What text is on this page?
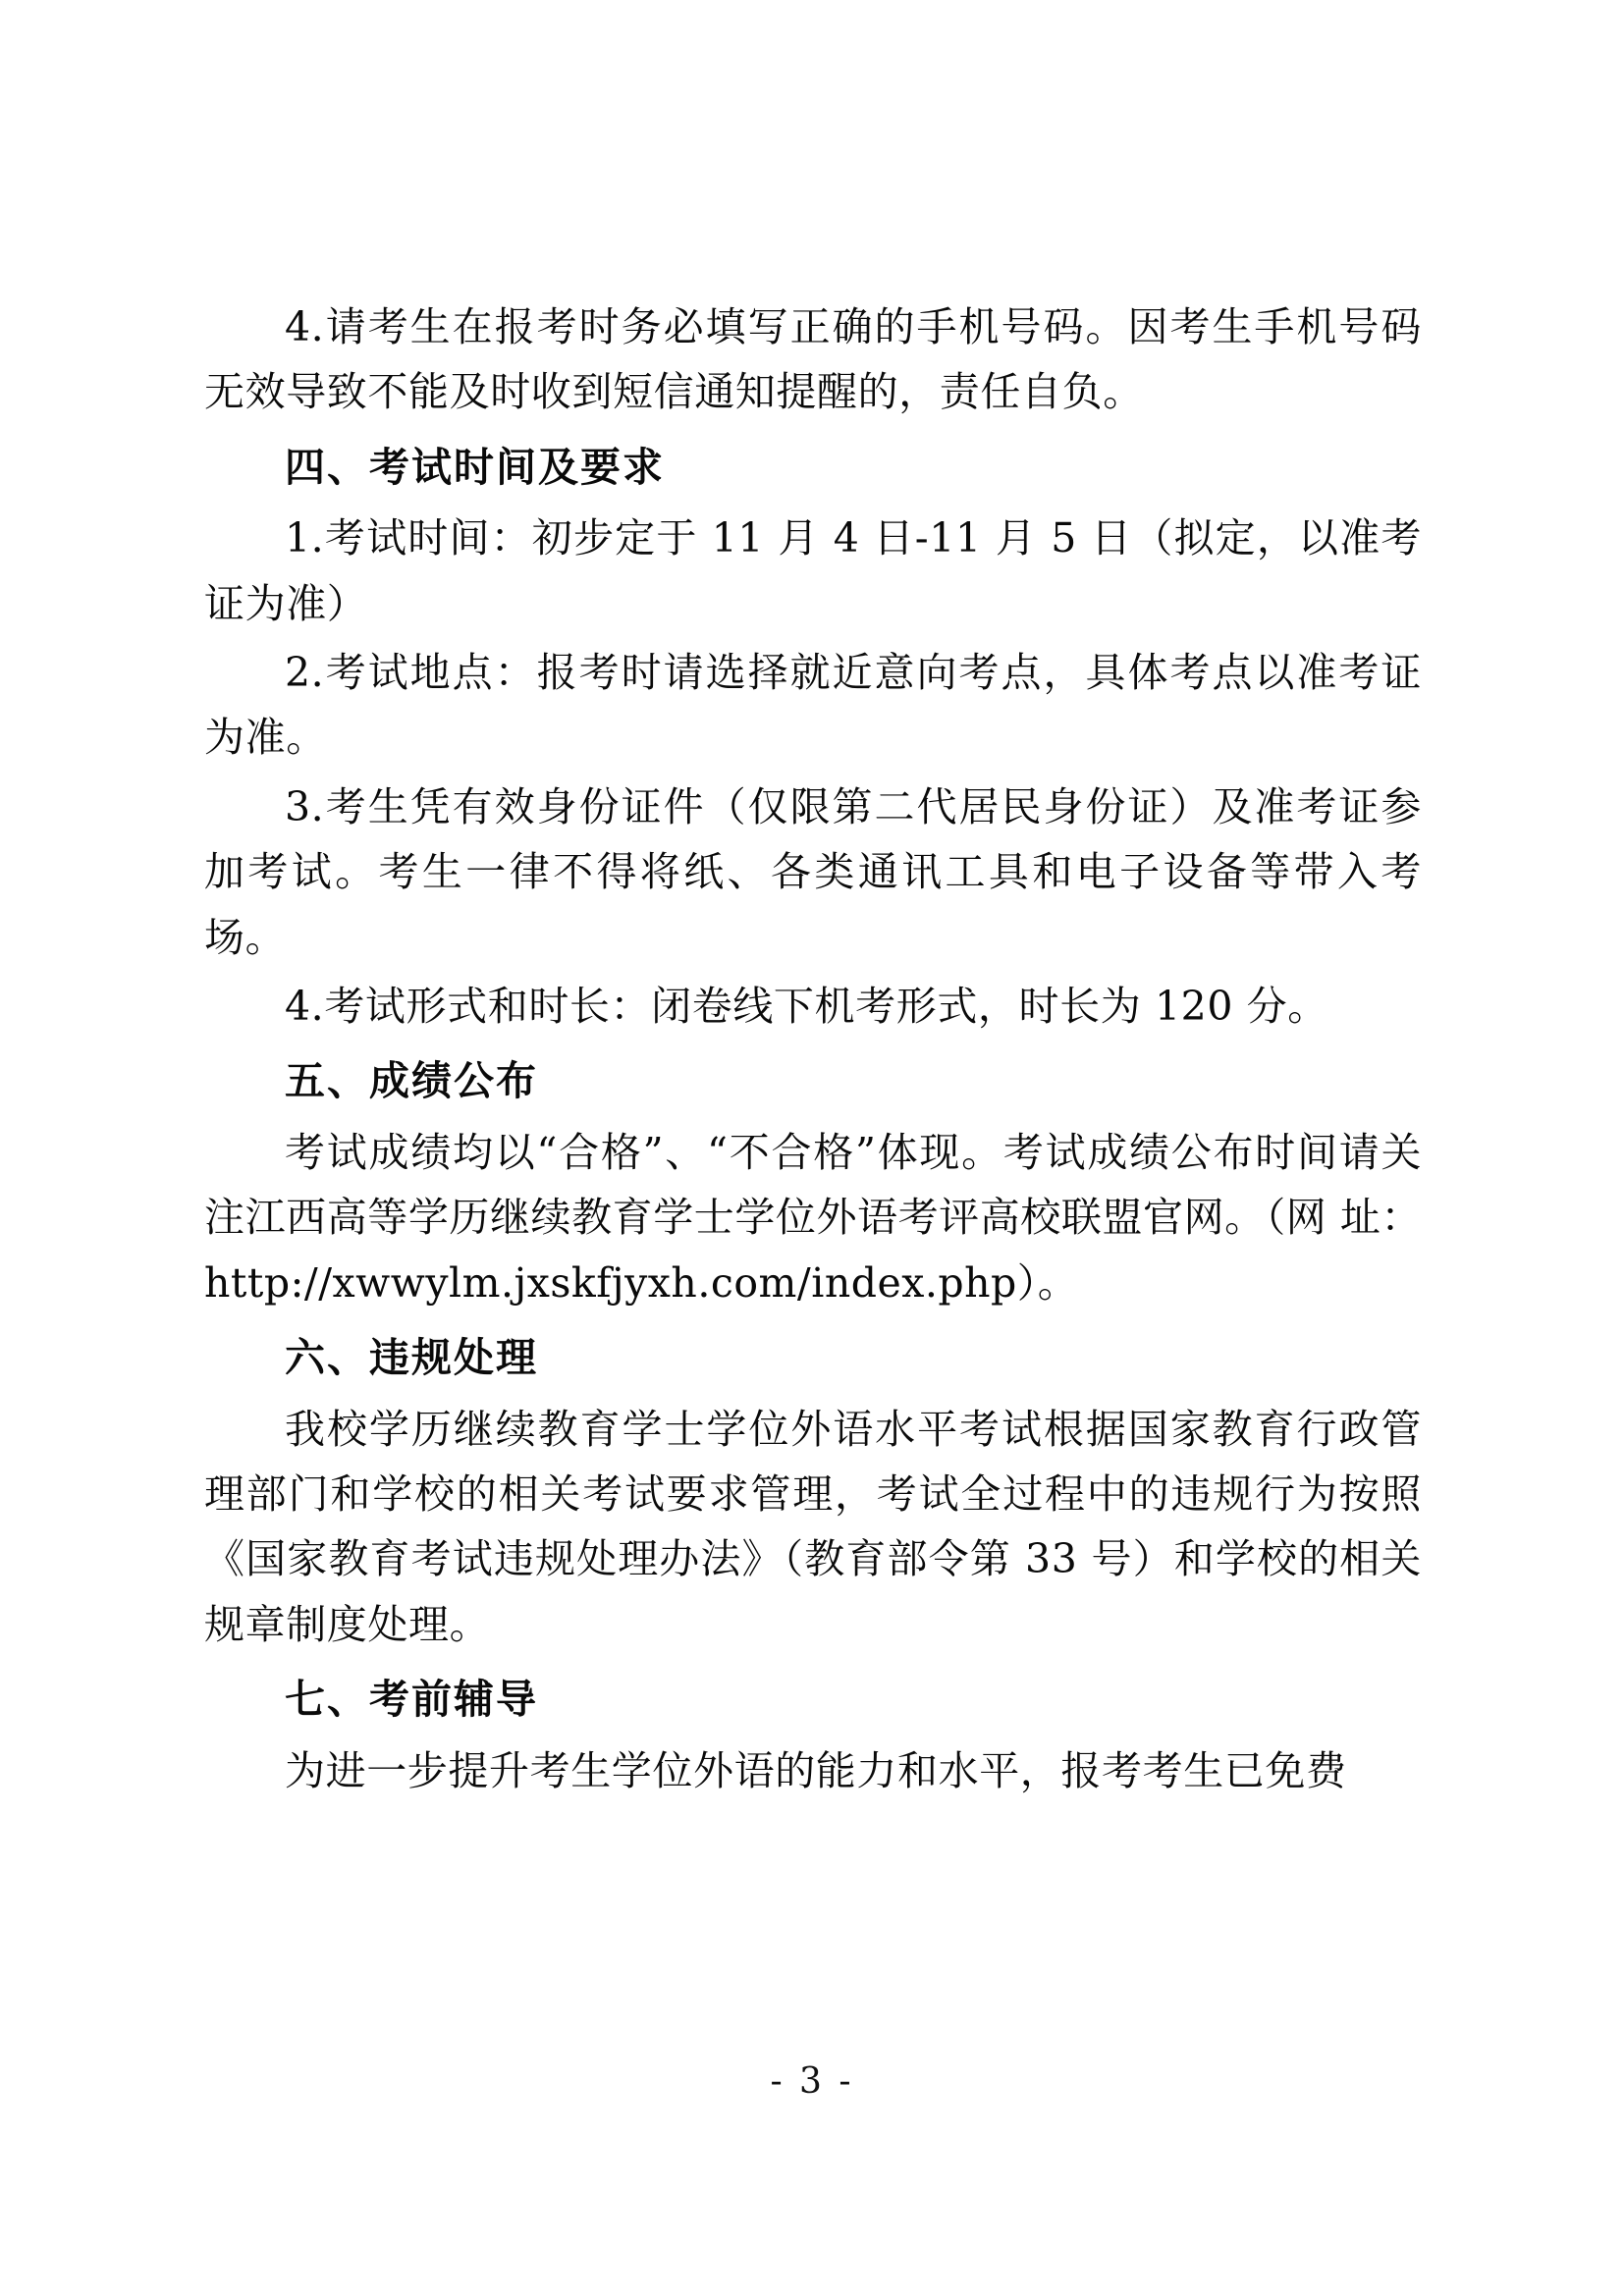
4.请考生在报考时务必填写正确的手机号码。因考生手机号码无效导致不能及时收到短信通知提醒的，责任自负。

四、考试时间及要求

1.考试时间：初步定于 11 月 4 日-11 月 5 日（拟定，以准考证为准）

2.考试地点：报考时请选择就近意向考点，具体考点以准考证为准。

3.考生凭有效身份证件（仅限第二代居民身份证）及准考证参加考试。考生一律不得将纸、各类通讯工具和电子设备等带入考场。

4.考试形式和时长：闭卷线下机考形式，时长为 120 分。

五、成绩公布

考试成绩均以“合格”、“不合格”体现。考试成绩公布时间请关注江西高等学历继续教育学士学位外语考评高校联盟官网。（网 址： http://xwwylm.jxskfjyxh.com/index.php）。

六、违规处理

我校学历继续教育学士学位外语水平考试根据国家教育行政管理部门和学校的相关考试要求管理，考试全过程中的违规行为按照《国家教育考试违规处理办法》（教育部令第 33 号）和学校的相关规章制度处理。

七、考前辅导

为进一步提升考生学位外语的能力和水平，报考考生已免费

- 3 -
